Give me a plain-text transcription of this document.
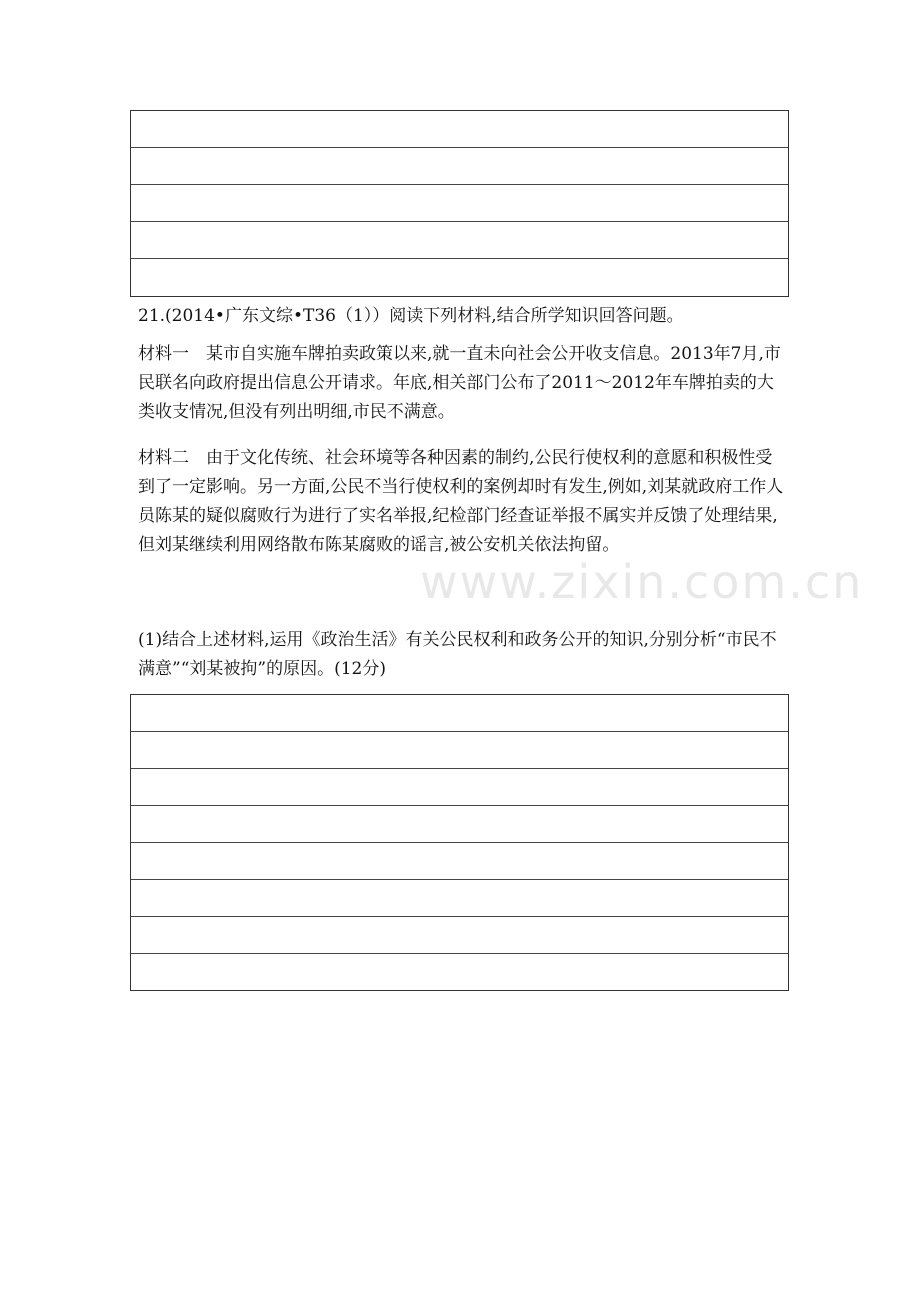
www.zixin.com.cn

21.(2014•广东文综•T36（1））阅读下列材料,结合所学知识回答问题。

材料一　某市自实施车牌拍卖政策以来,就一直未向社会公开收支信息。2013年7月,市民联名向政府提出信息公开请求。年底,相关部门公布了2011～2012年车牌拍卖的大类收支情况,但没有列出明细,市民不满意。

材料二　由于文化传统、社会环境等各种因素的制约,公民行使权利的意愿和积极性受到了一定影响。另一方面,公民不当行使权利的案例却时有发生,例如,刘某就政府工作人员陈某的疑似腐败行为进行了实名举报,纪检部门经查证举报不属实并反馈了处理结果,但刘某继续利用网络散布陈某腐败的谣言,被公安机关依法拘留。

(1)结合上述材料,运用《政治生活》有关公民权利和政务公开的知识,分别分析“市民不满意”“刘某被拘”的原因。(12分)
